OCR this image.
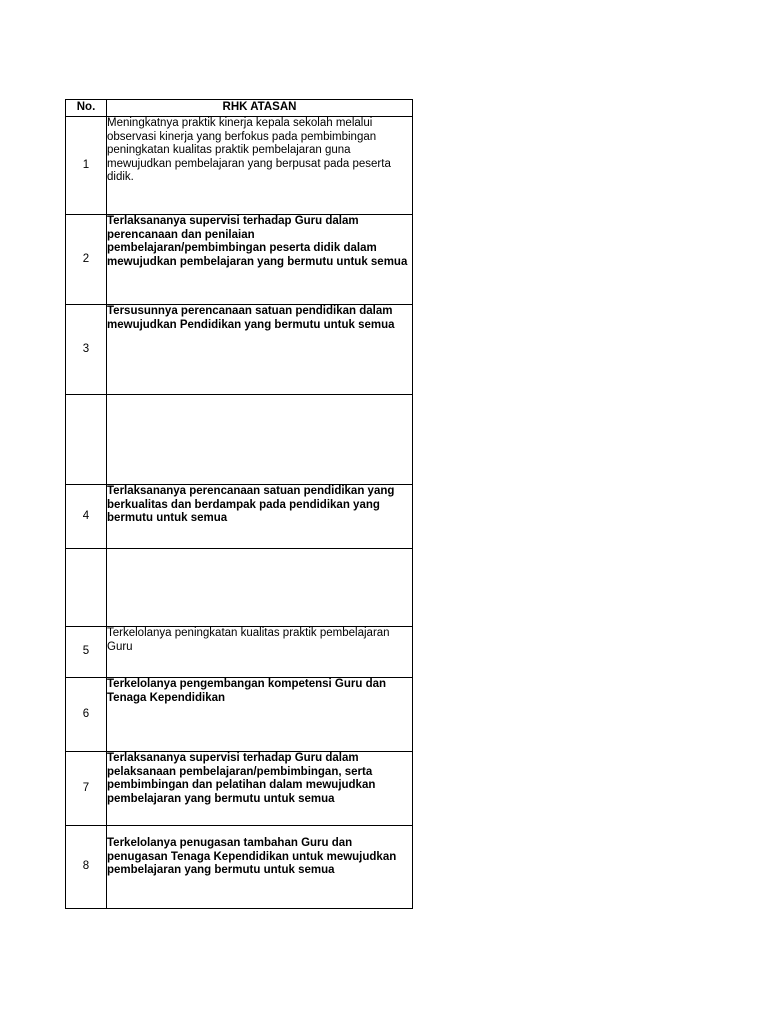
No.	RHK ATASAN
1	Meningkatnya praktik kinerja kepala sekolah melalui observasi kinerja yang berfokus pada pembimbingan peningkatan kualitas praktik pembelajaran guna mewujudkan pembelajaran yang berpusat pada peserta didik.
2	Terlaksananya supervisi terhadap Guru dalam perencanaan dan penilaian pembelajaran/pembimbingan peserta didik dalam mewujudkan pembelajaran yang bermutu untuk semua
3	Tersusunnya perencanaan satuan pendidikan dalam mewujudkan Pendidikan yang bermutu untuk semua

4	Terlaksananya perencanaan satuan pendidikan yang berkualitas dan berdampak pada pendidikan yang bermutu untuk semua

5	Terkelolanya peningkatan kualitas praktik pembelajaran Guru
6	Terkelolanya pengembangan kompetensi Guru dan Tenaga Kependidikan
7	Terlaksananya supervisi terhadap Guru dalam pelaksanaan pembelajaran/pembimbingan, serta pembimbingan dan pelatihan dalam mewujudkan pembelajaran yang bermutu untuk semua
8	Terkelolanya penugasan tambahan Guru dan penugasan Tenaga Kependidikan untuk mewujudkan pembelajaran yang bermutu untuk semua
